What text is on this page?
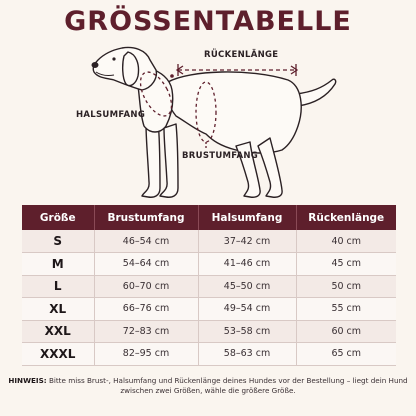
GRÖSSENTABELLE
RÜCKENLÄNGE
HALSUMFANG
BRUSTUMFANG
Größe	Brustumfang	Halsumfang	Rückenlänge
S	46–54 cm	37–42 cm	40 cm
M	54–64 cm	41–46 cm	45 cm
L	60–70 cm	45–50 cm	50 cm
XL	66–76 cm	49–54 cm	55 cm
XXL	72–83 cm	53–58 cm	60 cm
XXXL	82–95 cm	58–63 cm	65 cm
HINWEIS: Bitte miss Brust-, Halsumfang und Rückenlänge deines Hundes vor der Bestellung – liegt dein Hund zwischen zwei Größen, wähle die größere Größe.
